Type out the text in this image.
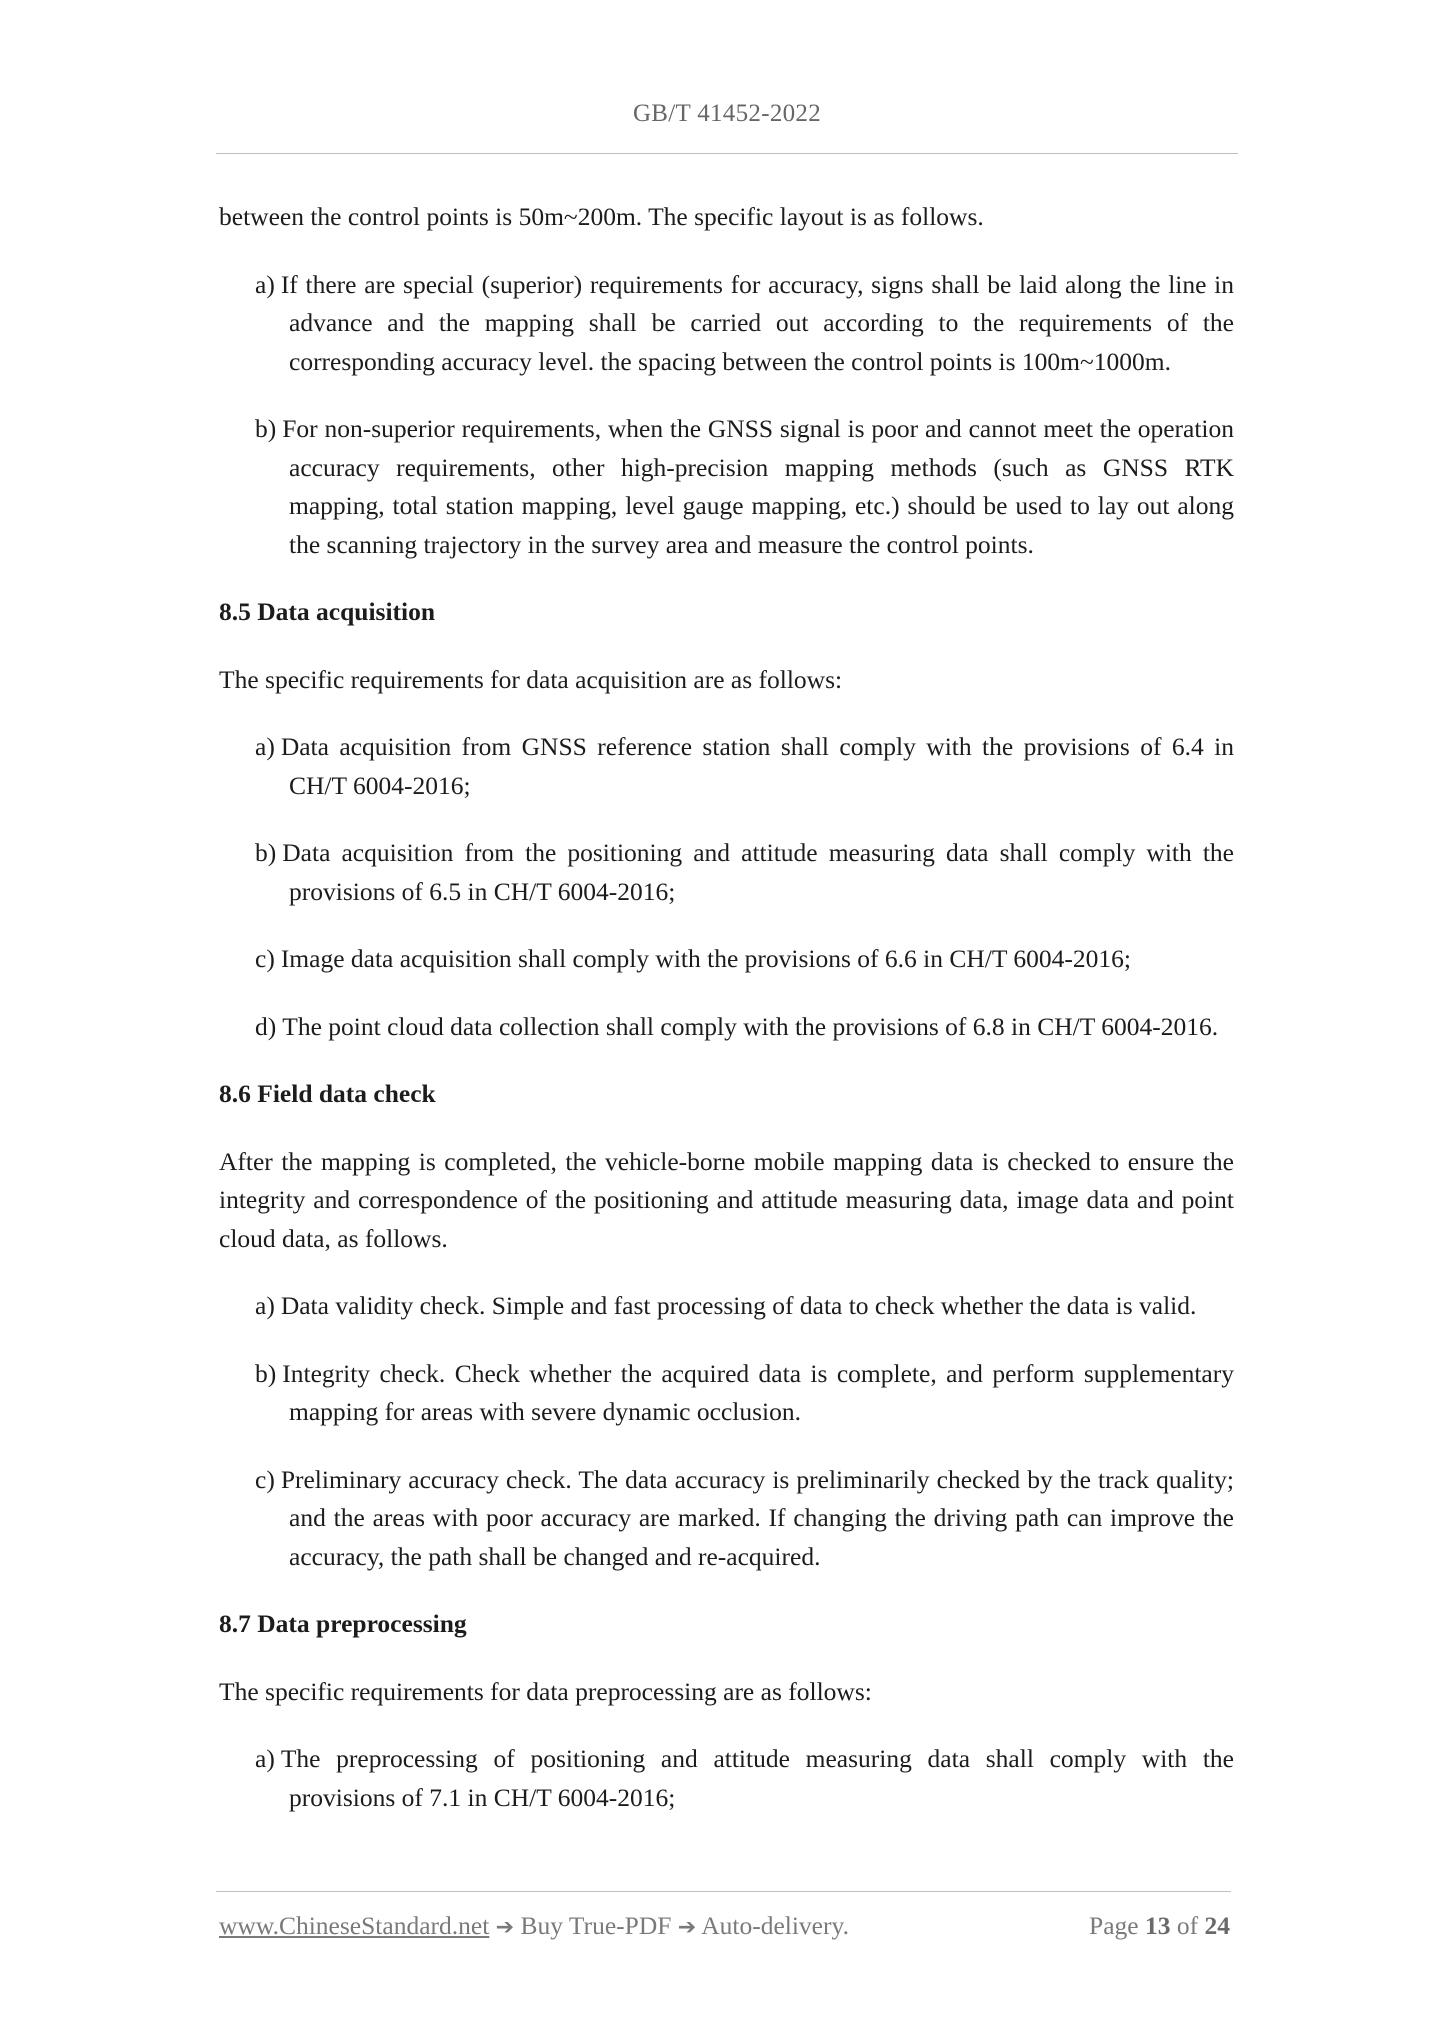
GB/T 41452-2022

between the control points is 50m~200m. The specific layout is as follows.

a) If there are special (superior) requirements for accuracy, signs shall be laid along the line in advance and the mapping shall be carried out according to the requirements of the corresponding accuracy level. the spacing between the control points is 100m~1000m.

b) For non-superior requirements, when the GNSS signal is poor and cannot meet the operation accuracy requirements, other high-precision mapping methods (such as GNSS RTK mapping, total station mapping, level gauge mapping, etc.) should be used to lay out along the scanning trajectory in the survey area and measure the control points.

8.5 Data acquisition

The specific requirements for data acquisition are as follows:

a) Data acquisition from GNSS reference station shall comply with the provisions of 6.4 in CH/T 6004-2016;

b) Data acquisition from the positioning and attitude measuring data shall comply with the provisions of 6.5 in CH/T 6004-2016;

c) Image data acquisition shall comply with the provisions of 6.6 in CH/T 6004-2016;

d) The point cloud data collection shall comply with the provisions of 6.8 in CH/T 6004-2016.

8.6 Field data check

After the mapping is completed, the vehicle-borne mobile mapping data is checked to ensure the integrity and correspondence of the positioning and attitude measuring data, image data and point cloud data, as follows.

a) Data validity check. Simple and fast processing of data to check whether the data is valid.

b) Integrity check. Check whether the acquired data is complete, and perform supplementary mapping for areas with severe dynamic occlusion.

c) Preliminary accuracy check. The data accuracy is preliminarily checked by the track quality; and the areas with poor accuracy are marked. If changing the driving path can improve the accuracy, the path shall be changed and re-acquired.

8.7 Data preprocessing

The specific requirements for data preprocessing are as follows:

a) The preprocessing of positioning and attitude measuring data shall comply with the provisions of 7.1 in CH/T 6004-2016;

www.ChineseStandard.net ➔ Buy True-PDF ➔ Auto-delivery.	Page 13 of 24
